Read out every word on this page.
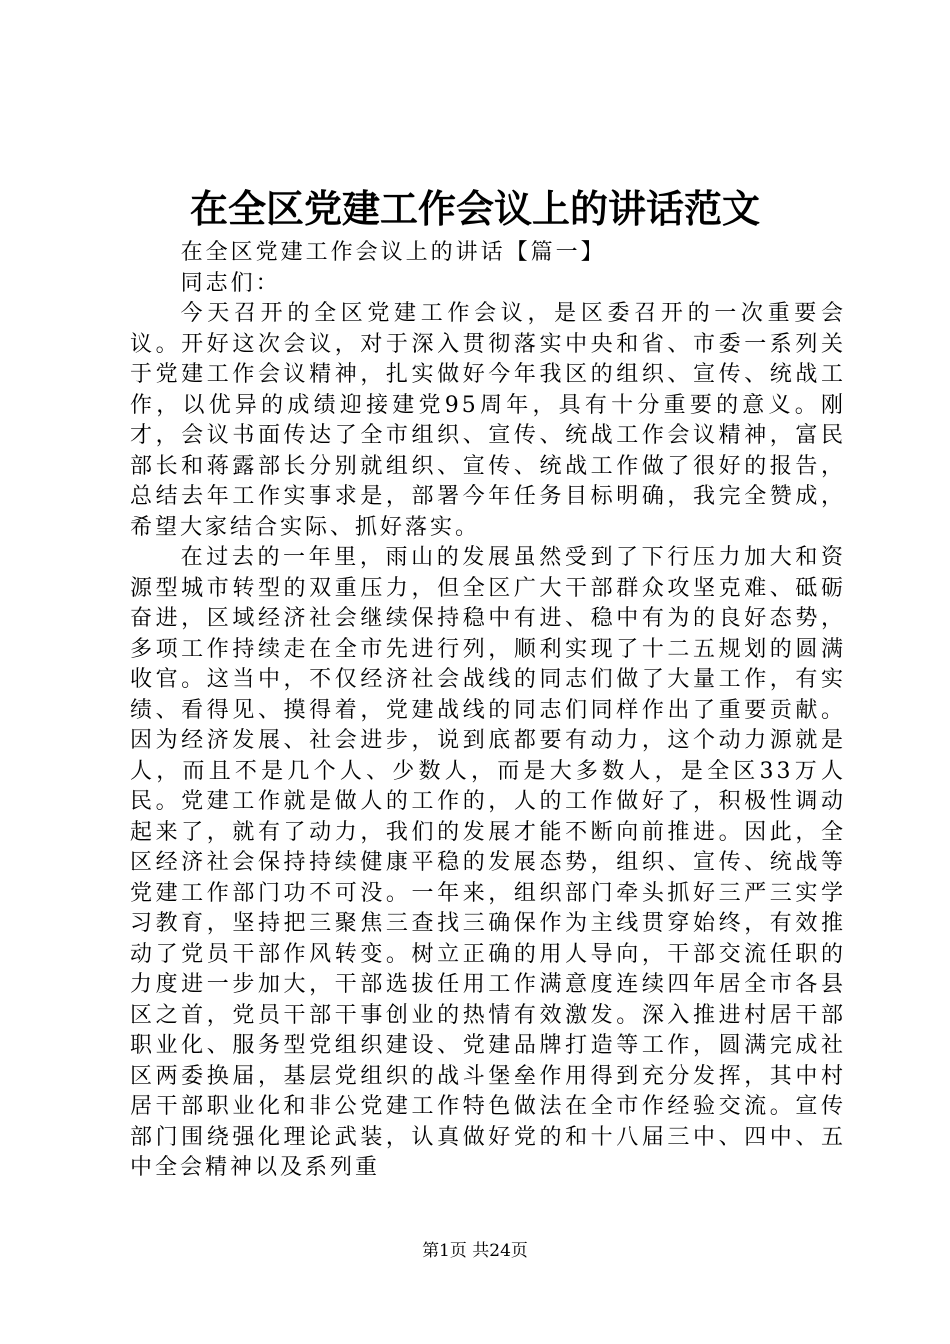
在全区党建工作会议上的讲话范文

在全区党建工作会议上的讲话【篇一】

同志们：

今天召开的全区党建工作会议，是区委召开的一次重要会议。开好这次会议，对于深入贯彻落实中央和省、市委一系列关于党建工作会议精神，扎实做好今年我区的组织、宣传、统战工作，以优异的成绩迎接建党95周年，具有十分重要的意义。刚才，会议书面传达了全市组织、宣传、统战工作会议精神，富民部长和蒋露部长分别就组织、宣传、统战工作做了很好的报告，总结去年工作实事求是，部署今年任务目标明确，我完全赞成，希望大家结合实际、抓好落实。

在过去的一年里，雨山的发展虽然受到了下行压力加大和资源型城市转型的双重压力，但全区广大干部群众攻坚克难、砥砺奋进，区域经济社会继续保持稳中有进、稳中有为的良好态势，多项工作持续走在全市先进行列，顺利实现了十二五规划的圆满收官。这当中，不仅经济社会战线的同志们做了大量工作，有实绩、看得见、摸得着，党建战线的同志们同样作出了重要贡献。因为经济发展、社会进步，说到底都要有动力，这个动力源就是人，而且不是几个人、少数人，而是大多数人，是全区33万人民。党建工作就是做人的工作的，人的工作做好了，积极性调动起来了，就有了动力，我们的发展才能不断向前推进。因此，全区经济社会保持持续健康平稳的发展态势，组织、宣传、统战等党建工作部门功不可没。一年来，组织部门牵头抓好三严三实学习教育，坚持把三聚焦三查找三确保作为主线贯穿始终，有效推动了党员干部作风转变。树立正确的用人导向，干部交流任职的力度进一步加大，干部选拔任用工作满意度连续四年居全市各县区之首，党员干部干事创业的热情有效激发。深入推进村居干部职业化、服务型党组织建设、党建品牌打造等工作，圆满完成社区两委换届，基层党组织的战斗堡垒作用得到充分发挥，其中村居干部职业化和非公党建工作特色做法在全市作经验交流。宣传部门围绕强化理论武装，认真做好党的和十八届三中、四中、五中全会精神以及系列重

第1页 共24页
